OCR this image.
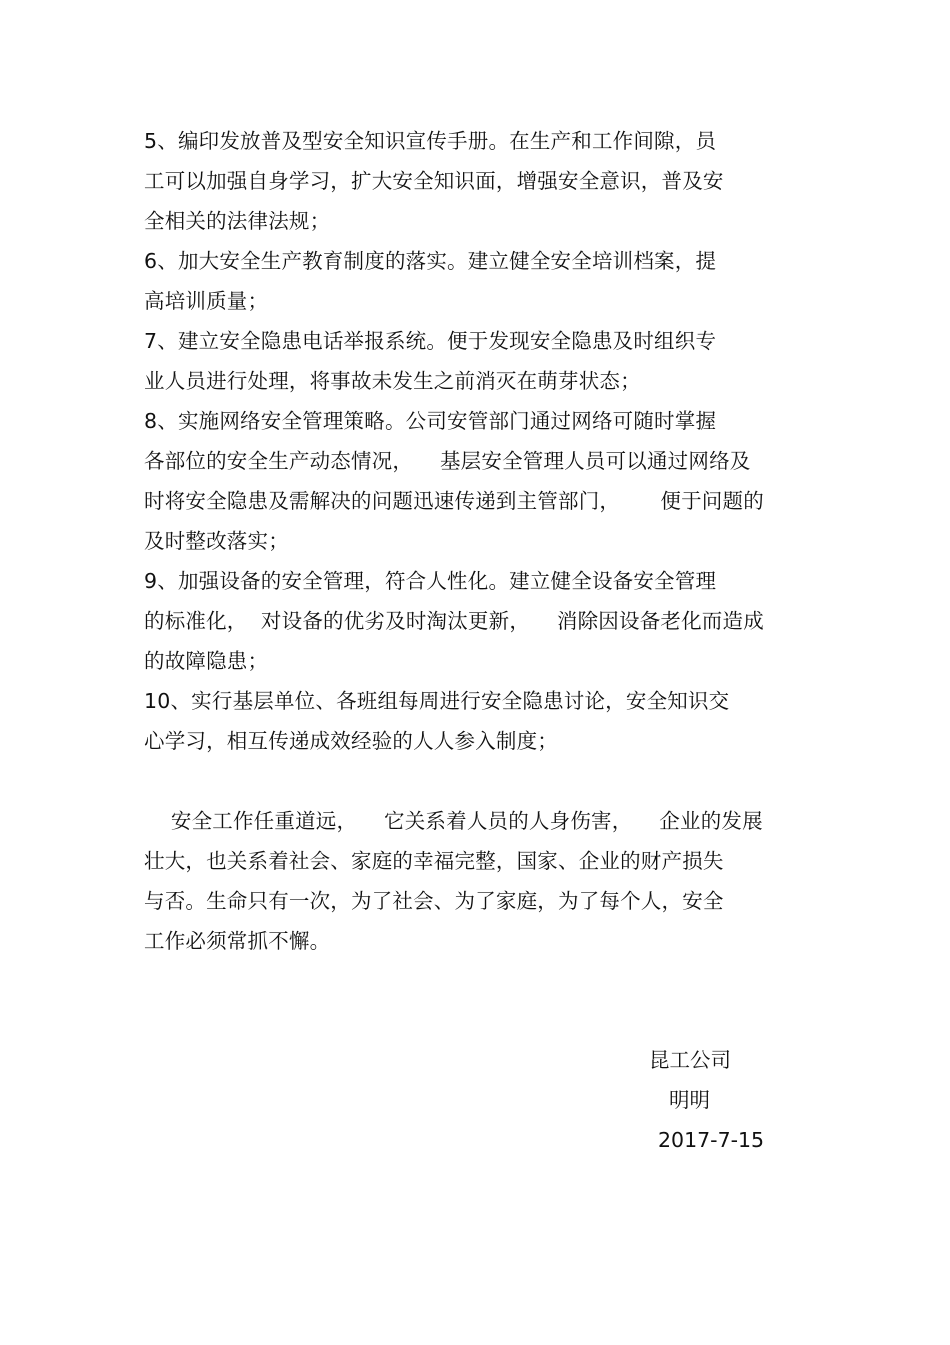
5、编印发放普及型安全知识宣传手册。在生产和工作间隙，员
工可以加强自身学习，扩大安全知识面，增强安全意识，普及安
全相关的法律法规；
6、加大安全生产教育制度的落实。建立健全安全培训档案，提
高培训质量；
7、建立安全隐患电话举报系统。便于发现安全隐患及时组织专
业人员进行处理，将事故未发生之前消灭在萌芽状态；
8、实施网络安全管理策略。公司安管部门通过网络可随时掌握
各部位的安全生产动态情况，    基层安全管理人员可以通过网络及
时将安全隐患及需解决的问题迅速传递到主管部门，      便于问题的
及时整改落实；
9、加强设备的安全管理，符合人性化。建立健全设备安全管理
的标准化，  对设备的优劣及时淘汰更新，    消除因设备老化而造成
的故障隐患；
10、实行基层单位、各班组每周进行安全隐患讨论，安全知识交
心学习，相互传递成效经验的人人参入制度；
安全工作任重道远，    它关系着人员的人身伤害，    企业的发展
壮大，也关系着社会、家庭的幸福完整，国家、企业的财产损失
与否。生命只有一次，为了社会、为了家庭，为了每个人，安全
工作必须常抓不懈。
昆工公司
明明
2017-7-15
